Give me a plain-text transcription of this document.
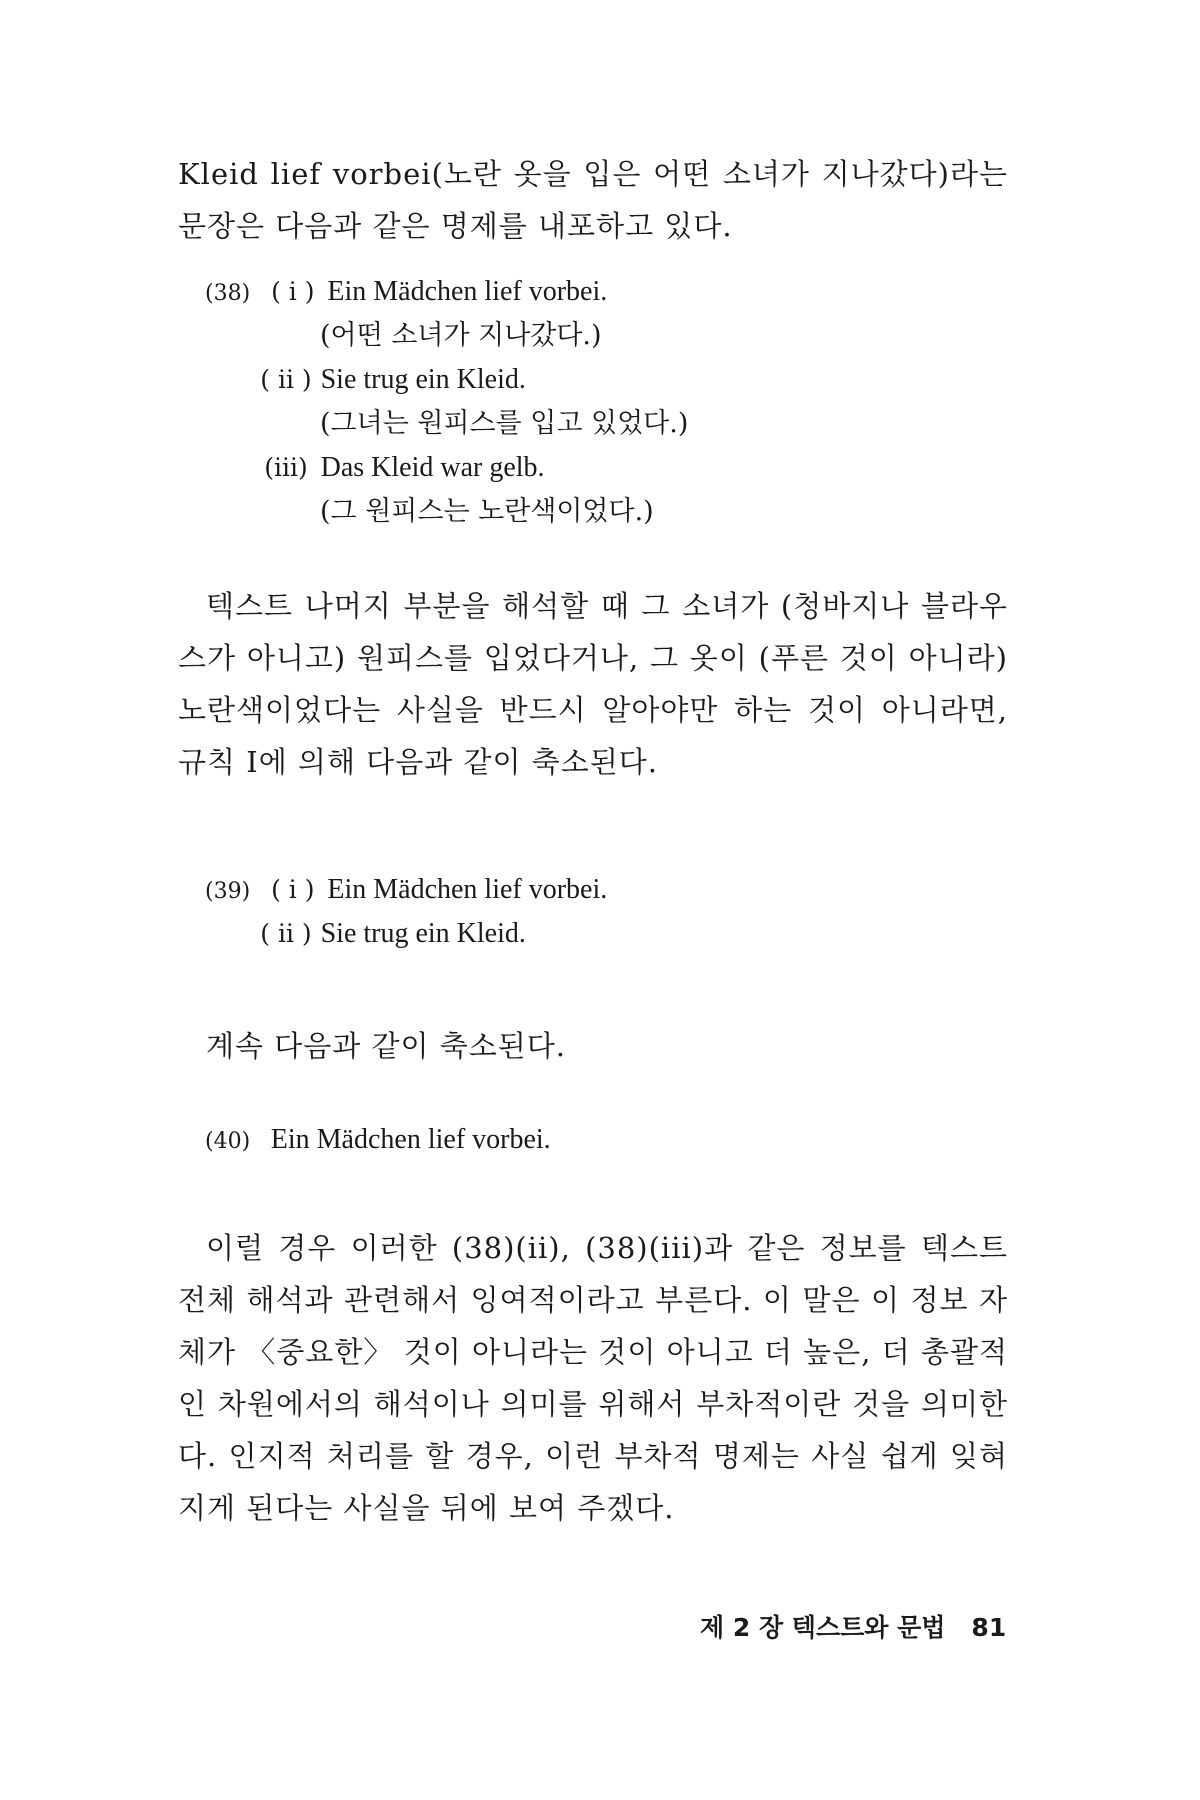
Kleid lief vorbei(노란 옷을 입은 어떤 소녀가 지나갔다)라는 문장은 다음과 같은 명제를 내포하고 있다.
(38) ( i ) Ein Mädchen lief vorbei.
(어떤 소녀가 지나갔다.)
( ii ) Sie trug ein Kleid.
(그녀는 원피스를 입고 있었다.)
(iii) Das Kleid war gelb.
(그 원피스는 노란색이었다.)
텍스트 나머지 부분을 해석할 때 그 소녀가 (청바지나 블라우스가 아니고) 원피스를 입었다거나, 그 옷이 (푸른 것이 아니라) 노란색이었다는 사실을 반드시 알아야만 하는 것이 아니라면, 규칙 Ⅰ에 의해 다음과 같이 축소된다.
(39) ( i ) Ein Mädchen lief vorbei.
( ii ) Sie trug ein Kleid.
계속 다음과 같이 축소된다.
(40) Ein Mädchen lief vorbei.
이럴 경우 이러한 (38)(ii), (38)(iii)과 같은 정보를 텍스트 전체 해석과 관련해서 잉여적이라고 부른다. 이 말은 이 정보 자체가 〈중요한〉 것이 아니라는 것이 아니고 더 높은, 더 총괄적인 차원에서의 해석이나 의미를 위해서 부차적이란 것을 의미한다. 인지적 처리를 할 경우, 이런 부차적 명제는 사실 쉽게 잊혀지게 된다는 사실을 뒤에 보여 주겠다.
제 2 장 텍스트와 문법 81
